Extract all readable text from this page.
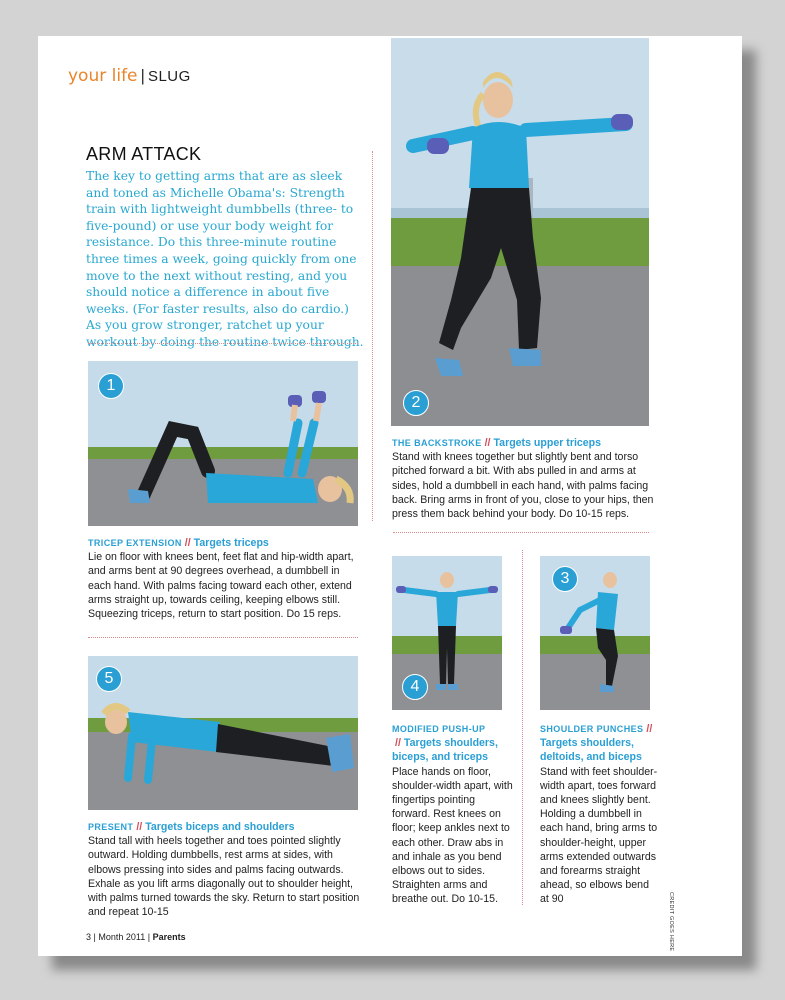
your life | SLUG
ARM ATTACK
The key to getting arms that are as sleek and toned as Michelle Obama's: Strength train with lightweight dumbbells (three- to five-pound) or use your body weight for resistance. Do this three-minute routine three times a week, going quickly from one move to the next without resting, and you should notice a difference in about five weeks. (For faster results, also do cardio.) As you grow stronger, ratchet up your workout by doing the routine twice through.
2
1
THE BACKSTROKE // Targets upper triceps
Stand with knees together but slightly bent and torso pitched forward a bit. With abs pulled in and arms at sides, hold a dumbbell in each hand, with palms facing back. Bring arms in front of you, close to your hips, then press them back behind your body. Do 10-15 reps.
TRICEP EXTENSION // Targets triceps
Lie on floor with knees bent, feet flat and hip-width apart, and arms bent at 90 degrees overhead, a dumbbell in each hand. With palms facing toward each other, extend arms straight up, towards ceiling, keeping elbows still. Squeezing triceps, return to start position. Do 15 reps.
4
3
5
MODIFIED PUSH-UP
// Targets shoulders, biceps, and triceps
Place hands on floor, shoulder-width apart, with fingertips pointing forward. Rest knees on floor; keep ankles next to each other. Draw abs in and inhale as you bend elbows out to sides. Straighten arms and breathe out. Do 10-15.
SHOULDER PUNCHES //
Targets shoulders, deltoids, and biceps
Stand with feet shoulder-width apart, toes forward and knees slightly bent. Holding a dumbbell in each hand, bring arms to shoulder-height, upper arms extended outwards and forearms straight ahead, so elbows bend at 90
PRESENT // Targets biceps and shoulders
Stand tall with heels together and toes pointed slightly outward. Holding dumbbells, rest arms at sides, with elbows pressing into sides and palms facing outwards. Exhale as you lift arms diagonally out to shoulder height, with palms turned towards the sky. Return to start position and repeat 10-15	CREDIT GOES HERE
3 | Month 2011 | Parents
